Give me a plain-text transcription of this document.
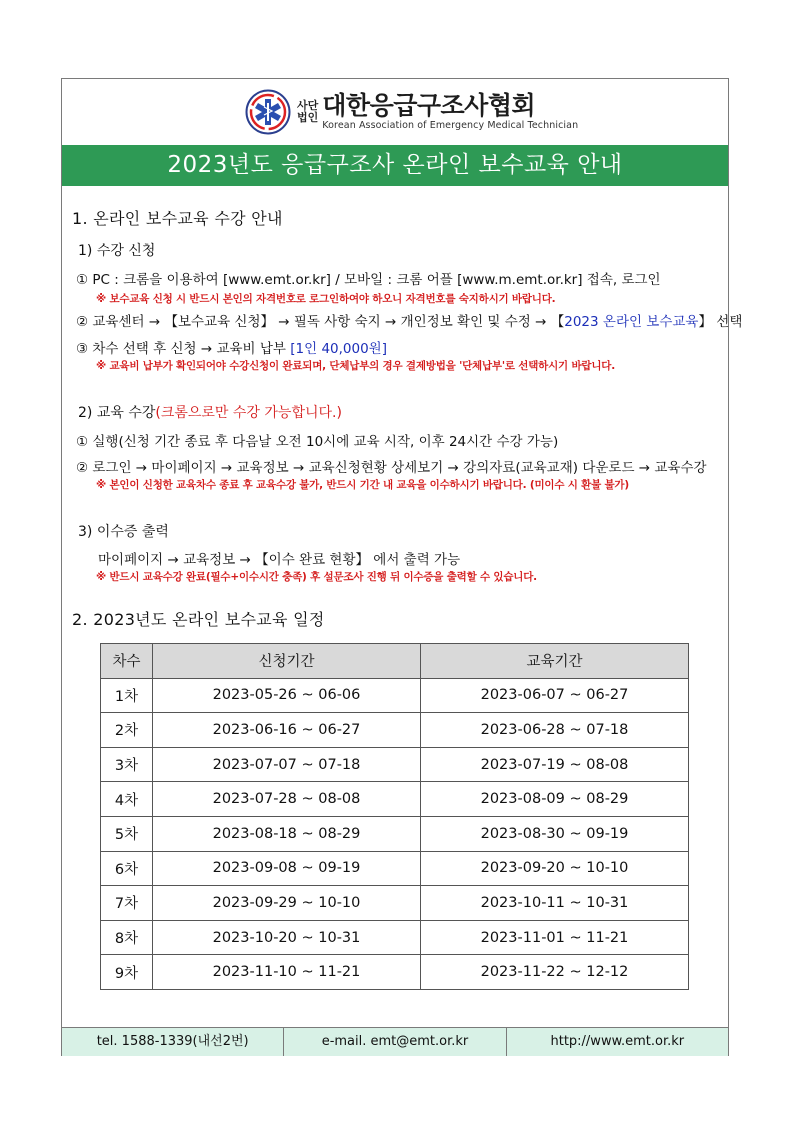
사단
법인 대한응급구조사협회
Korean Association of Emergency Medical Technician
2023년도 응급구조사 온라인 보수교육 안내
1. 온라인 보수교육 수강 안내
1) 수강 신청
① PC : 크롬을 이용하여 [www.emt.or.kr] / 모바일 : 크롬 어플 [www.m.emt.or.kr] 접속, 로그인
※ 보수교육 신청 시 반드시 본인의 자격번호로 로그인하여야 하오니 자격번호를 숙지하시기 바랍니다.
② 교육센터 → 【보수교육 신청】 → 필독 사항 숙지 → 개인정보 확인 및 수정 → 【2023 온라인 보수교육】 선택
③ 차수 선택 후 신청 → 교육비 납부 [1인 40,000원]
※ 교육비 납부가 확인되어야 수강신청이 완료되며, 단체납부의 경우 결제방법을 '단체납부'로 선택하시기 바랍니다.
2) 교육 수강(크롬으로만 수강 가능합니다.)
① 실행(신청 기간 종료 후 다음날 오전 10시에 교육 시작, 이후 24시간 수강 가능)
② 로그인 → 마이페이지 → 교육정보 → 교육신청현황 상세보기 → 강의자료(교육교재) 다운로드 → 교육수강
※ 본인이 신청한 교육차수 종료 후 교육수강 불가, 반드시 기간 내 교육을 이수하시기 바랍니다. (미이수 시 환불 불가)
3) 이수증 출력
마이페이지 → 교육정보 → 【이수 완료 현황】 에서 출력 가능
※ 반드시 교육수강 완료(필수+이수시간 충족) 후 설문조사 진행 뒤 이수증을 출력할 수 있습니다.
2. 2023년도 온라인 보수교육 일정
차수	신청기간	교육기간
1차	2023-05-26 ~ 06-06	2023-06-07 ~ 06-27
2차	2023-06-16 ~ 06-27	2023-06-28 ~ 07-18
3차	2023-07-07 ~ 07-18	2023-07-19 ~ 08-08
4차	2023-07-28 ~ 08-08	2023-08-09 ~ 08-29
5차	2023-08-18 ~ 08-29	2023-08-30 ~ 09-19
6차	2023-09-08 ~ 09-19	2023-09-20 ~ 10-10
7차	2023-09-29 ~ 10-10	2023-10-11 ~ 10-31
8차	2023-10-20 ~ 10-31	2023-11-01 ~ 11-21
9차	2023-11-10 ~ 11-21	2023-11-22 ~ 12-12
tel. 1588-1339(내선2번)	e-mail. emt@emt.or.kr	http://www.emt.or.kr
